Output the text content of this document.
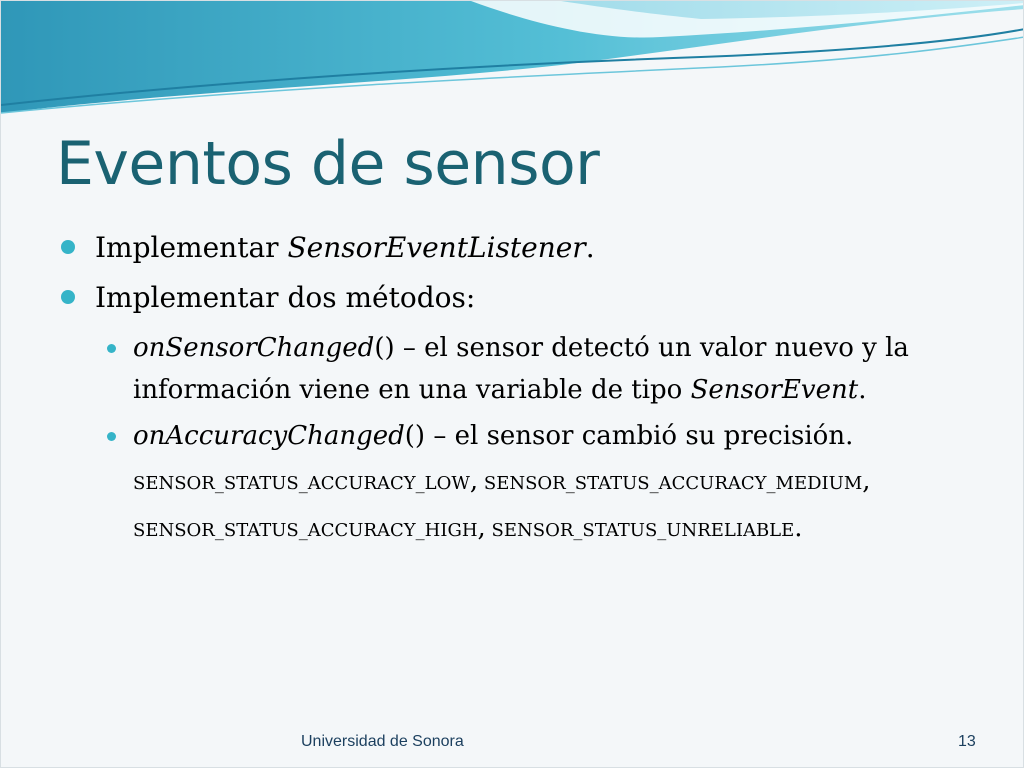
Eventos de sensor
Implementar SensorEventListener.
Implementar dos métodos:
onSensorChanged() – el sensor detectó un valor nuevo y la información viene en una variable de tipo SensorEvent.
onAccuracyChanged() – el sensor cambió su precisión.
SENSOR_STATUS_ACCURACY_LOW, SENSOR_STATUS_ACCURACY_MEDIUM,
SENSOR_STATUS_ACCURACY_HIGH, SENSOR_STATUS_UNRELIABLE.
Universidad de Sonora	13
